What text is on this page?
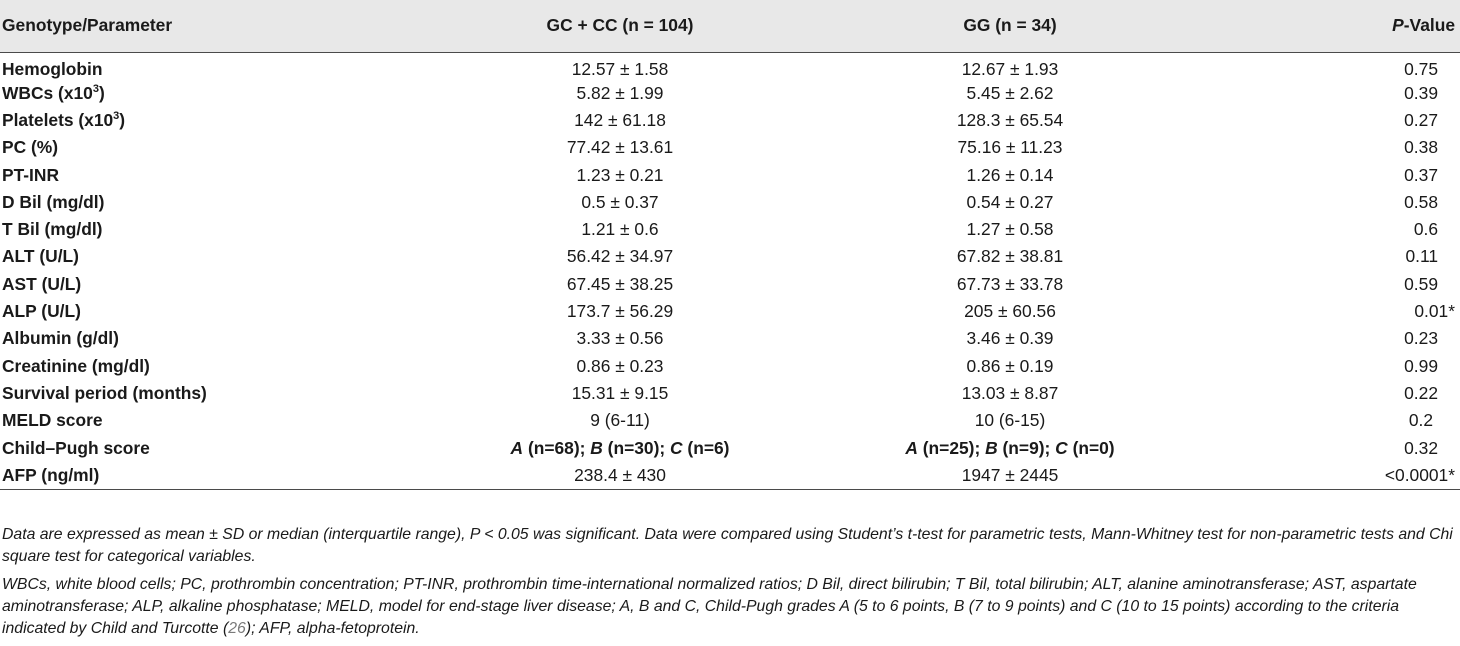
Genotype/Parameter	GC + CC (n = 104)	GG (n = 34)	P-Value
Hemoglobin	12.57 ± 1.58	12.67 ± 1.93	0.75
WBCs $(x10^3)$	5.82 ± 1.99	5.45 ± 2.62	0.39
Platelets $(x10^3)$	142 ± 61.18	128.3 ± 65.54	0.27
PC (%)	77.42 ± 13.61	75.16 ± 11.23	0.38
PT-INR	1.23 ± 0.21	1.26 ± 0.14	0.37
D Bil (mg/dl)	0.5 ± 0.37	0.54 ± 0.27	0.58
T Bil (mg/dl)	1.21 ± 0.6	1.27 ± 0.58	0.6
ALT (U/L)	56.42 ± 34.97	67.82 ± 38.81	0.11
AST (U/L)	67.45 ± 38.25	67.73 ± 33.78	0.59
ALP (U/L)	173.7 ± 56.29	205 ± 60.56	0.01*
Albumin (g/dl)	3.33 ± 0.56	3.46 ± 0.39	0.23
Creatinine (mg/dl)	0.86 ± 0.23	0.86 ± 0.19	0.99
Survival period (months)	15.31 ± 9.15	13.03 ± 8.87	0.22
MELD score	9 (6-11)	10 (6-15)	0.2
Child–Pugh score	A (n=68); B (n=30); C (n=6)	A (n=25); B (n=9); C (n=0)	0.32
AFP (ng/ml)	238.4 ± 430	1947 ± 2445	<0.0001*
Data are expressed as mean ± SD or median (interquartile range), P < 0.05 was significant. Data were compared using Student’s t-test for parametric tests, Mann-Whitney test for non-parametric tests and Chi square test for categorical variables.
WBCs, white blood cells; PC, prothrombin concentration; PT-INR, prothrombin time-international normalized ratios; D Bil, direct bilirubin; T Bil, total bilirubin; ALT, alanine aminotransferase; AST, aspartate aminotransferase; ALP, alkaline phosphatase; MELD, model for end-stage liver disease; A, B and C, Child-Pugh grades A (5 to 6 points, B (7 to 9 points) and C (10 to 15 points) according to the criteria indicated by Child and Turcotte (26); AFP, alpha-fetoprotein.
